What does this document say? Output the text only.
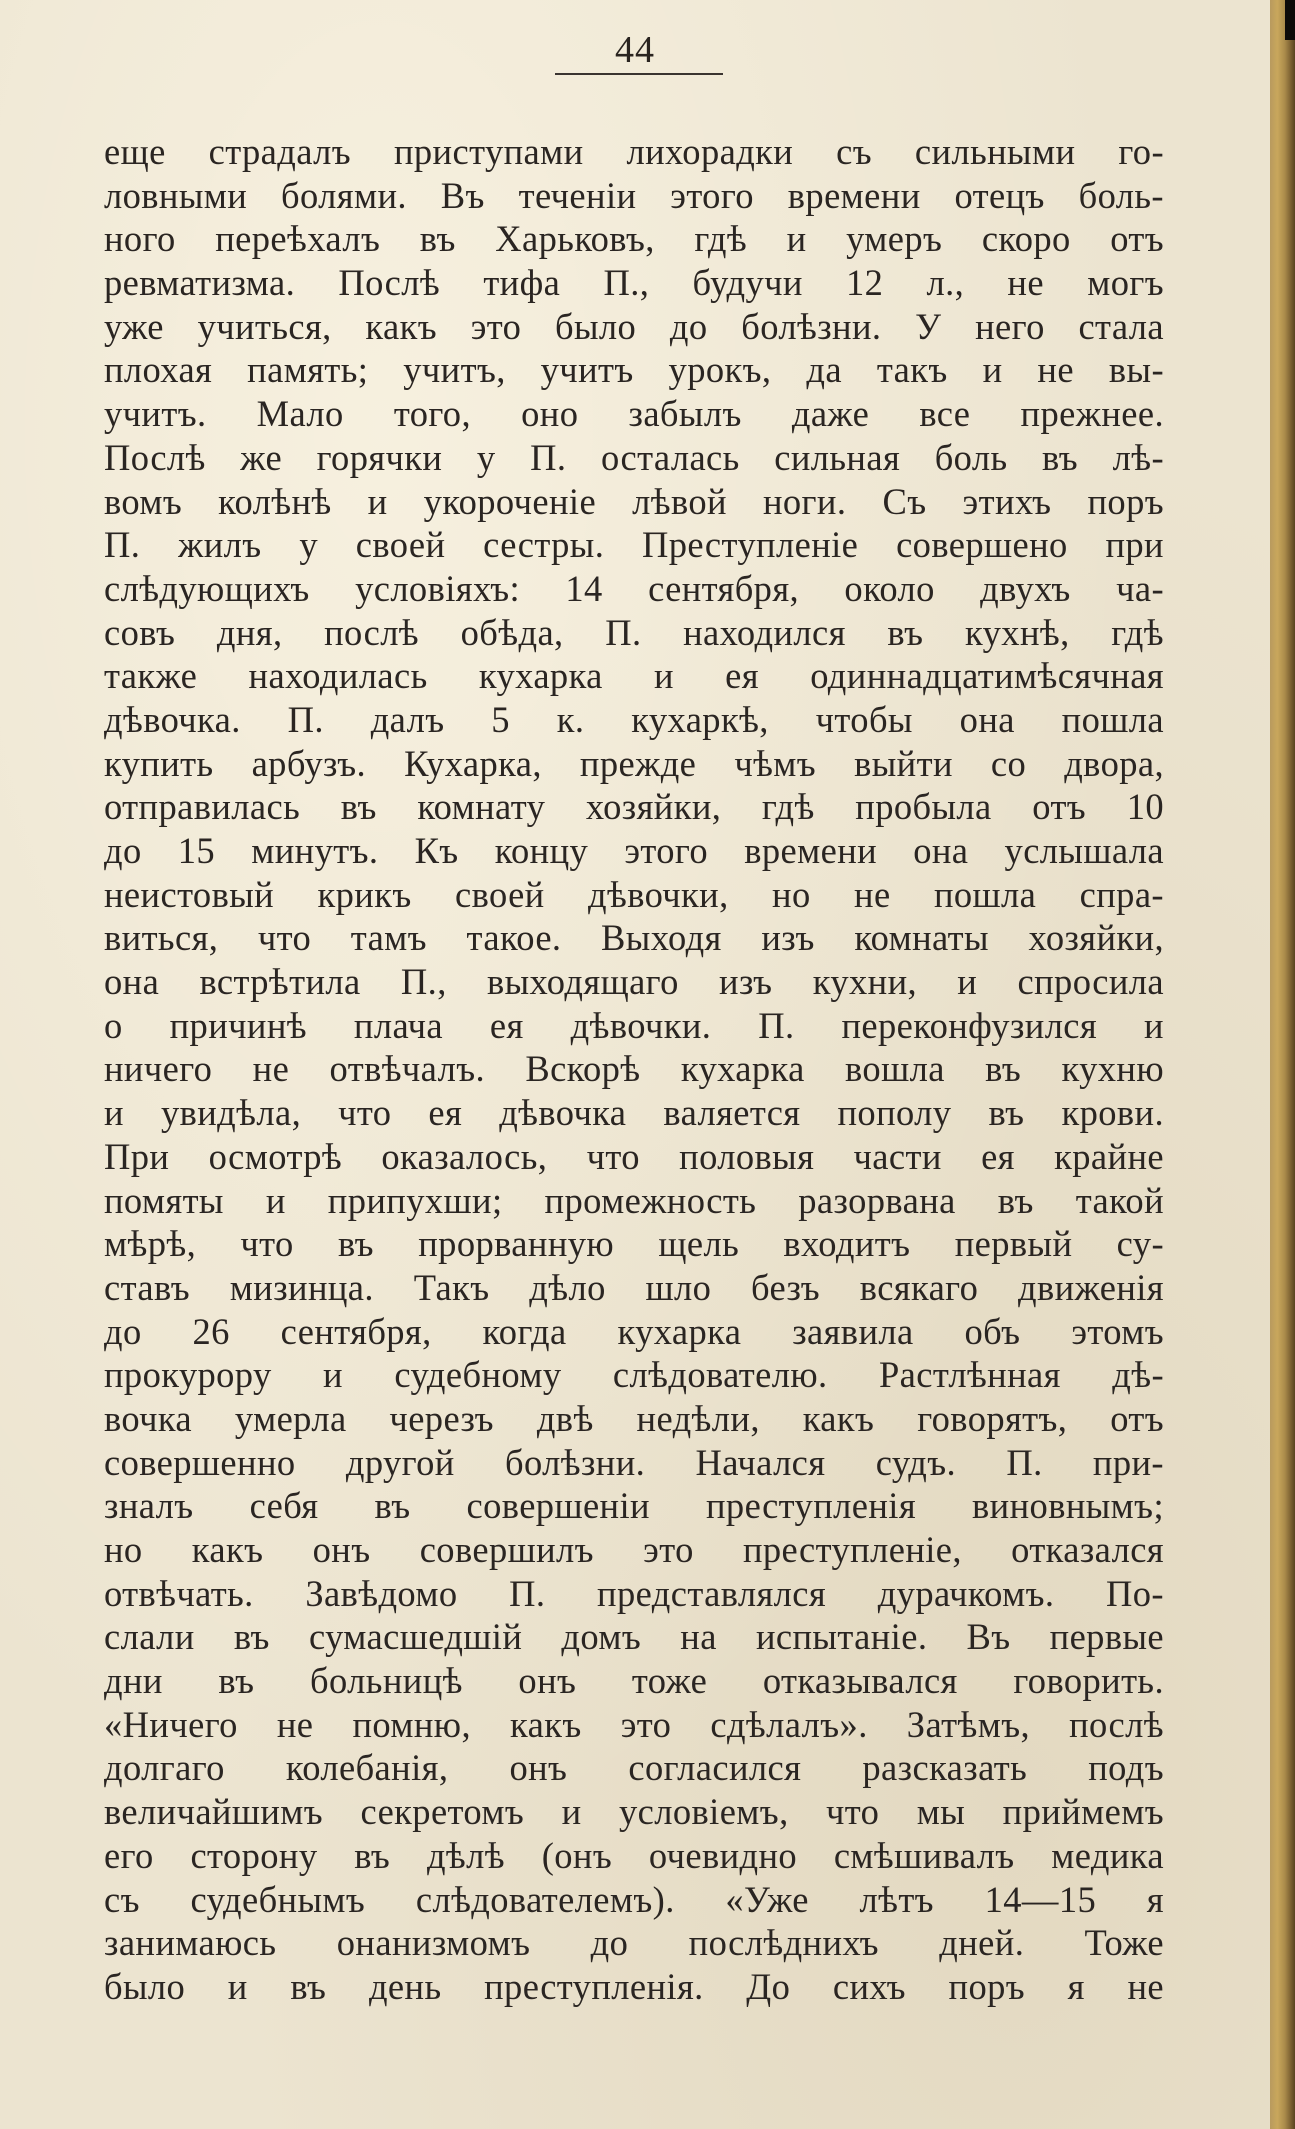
44
еще страдалъ приступами лихорадки съ сильными го-
ловными болями. Въ теченіи этого времени отецъ боль-
ного переѣхалъ въ Харьковъ, гдѣ и умеръ скоро отъ
ревматизма. Послѣ тифа П., будучи 12 л., не могъ
уже учиться, какъ это было до болѣзни. У него стала
плохая память; учитъ, учитъ урокъ, да такъ и не вы-
учитъ. Мало того, оно забылъ даже все прежнее.
Послѣ же горячки у П. осталась сильная боль въ лѣ-
вомъ колѣнѣ и укороченіе лѣвой ноги. Съ этихъ поръ
П. жилъ у своей сестры. Преступленіе совершено при
слѣдующихъ условіяхъ: 14 сентября, около двухъ ча-
совъ дня, послѣ обѣда, П. находился въ кухнѣ, гдѣ
также находилась кухарка и ея одиннадцатимѣсячная
дѣвочка. П. далъ 5 к. кухаркѣ, чтобы она пошла
купить арбузъ. Кухарка, прежде чѣмъ выйти со двора,
отправилась въ комнату хозяйки, гдѣ пробыла отъ 10
до 15 минутъ. Къ концу этого времени она услышала
неистовый крикъ своей дѣвочки, но не пошла спра-
виться, что тамъ такое. Выходя изъ комнаты хозяйки,
она встрѣтила П., выходящаго изъ кухни, и спросила
о причинѣ плача ея дѣвочки. П. переконфузился и
ничего не отвѣчалъ. Вскорѣ кухарка вошла въ кухню
и увидѣла, что ея дѣвочка валяется пополу въ крови.
При осмотрѣ оказалось, что половыя части ея крайне
помяты и припухши; промежность разорвана въ такой
мѣрѣ, что въ прорванную щель входитъ первый су-
ставъ мизинца. Такъ дѣло шло безъ всякаго движенія
до 26 сентября, когда кухарка заявила объ этомъ
прокурору и судебному слѣдователю. Растлѣнная дѣ-
вочка умерла черезъ двѣ недѣли, какъ говорятъ, отъ
совершенно другой болѣзни. Начался судъ. П. при-
зналъ себя въ совершеніи преступленія виновнымъ;
но какъ онъ совершилъ это преступленіе, отказался
отвѣчать. Завѣдомо П. представлялся дурачкомъ. По-
слали въ сумасшедшій домъ на испытаніе. Въ первые
дни въ больницѣ онъ тоже отказывался говорить.
«Ничего не помню, какъ это сдѣлалъ». Затѣмъ, послѣ
долгаго колебанія, онъ согласился разсказать подъ
величайшимъ секретомъ и условіемъ, что мы приймемъ
его сторону въ дѣлѣ (онъ очевидно смѣшивалъ медика
съ судебнымъ слѣдователемъ). «Уже лѣтъ 14—15 я
занимаюсь онанизмомъ до послѣднихъ дней. Тоже
было и въ день преступленія. До сихъ поръ я не
